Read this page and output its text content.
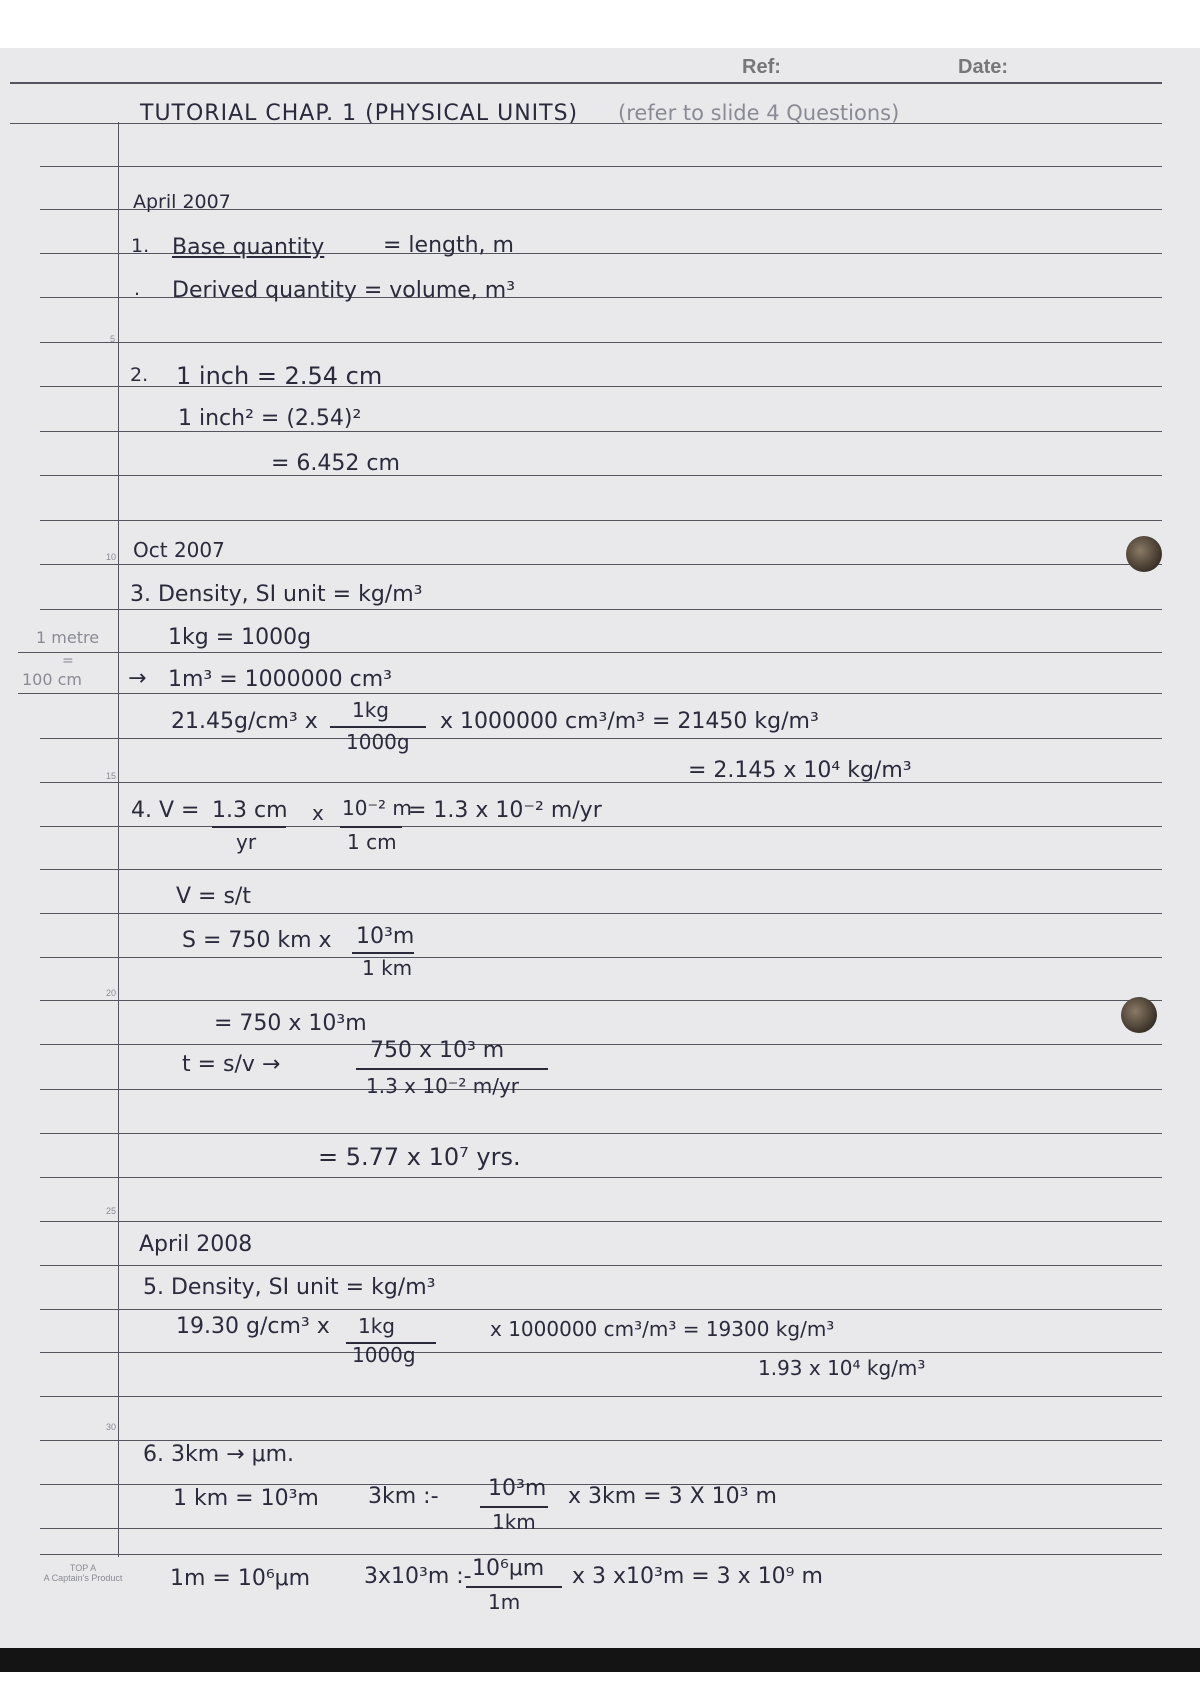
Ref:	Date:
5
10
15
20
25
30
TUTORIAL CHAP. 1 (PHYSICAL UNITS) (refer to slide 4 Questions)
April 2007
1. Base quantity	= length, m
. Derived quantity = volume, m³
2. 1 inch = 2.54 cm
1 inch² = (2.54)²
= 6.452 cm
Oct 2007
3. Density, SI unit = kg/m³
1kg = 1000g
→ 1m³ = 1000000 cm³
1 metre
=
100 cm
21.45g/cm³ x 1kg
1000g
x 1000000 cm³/m³ = 21450 kg/m³
= 2.145 x 10⁴ kg/m³
4. V = 1.3 cm
yr
x 10⁻² m
1 cm
= 1.3 x 10⁻² m/yr
V = s/t
S = 750 km x 10³m
1 km
= 750 x 10³m
t = s/v →
750 x 10³ m
1.3 x 10⁻² m/yr
= 5.77 x 10⁷ yrs.
April 2008
5. Density, SI unit = kg/m³
19.30 g/cm³ x 1kg
1000g
x 1000000 cm³/m³ = 19300 kg/m³
1.93 x 10⁴ kg/m³
6. 3km → μm.
1 km = 10³m 3km :- 10³m
1km
x 3km = 3 X 10³ m
1m = 10⁶μm 3x10³m :- 10⁶μm
1m
x 3 x10³m = 3 x 10⁹ m
TOP A
A Captain's Product
